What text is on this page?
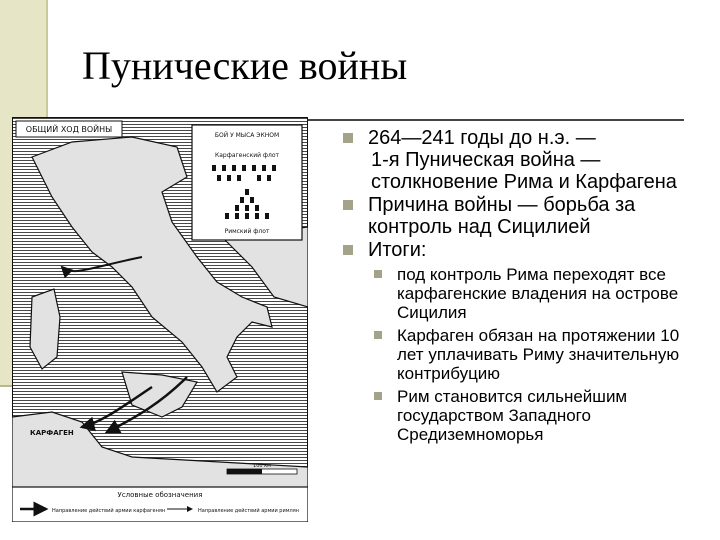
Пунические войны
ОБЩИЙ ХОД ВОЙНЫ
БОЙ У МЫСА ЭКНОМ
Карфагенский флот
Римский флот
КАРФАГЕН
100 км
Условные обозначения
Направление действий армии карфагенян	Направление действий армии римлян
264—241 годы до н.э. —
1-я Пуническая война — столкновение Рима и Карфагена
Причина войны — борьба за контроль над Сицилией
Итоги:
под контроль Рима переходят все карфагенские владения на острове Сицилия
Карфаген обязан на протяжении 10 лет уплачивать Риму значительную контрибуцию
Рим становится сильнейшим государством Западного Средиземноморья
